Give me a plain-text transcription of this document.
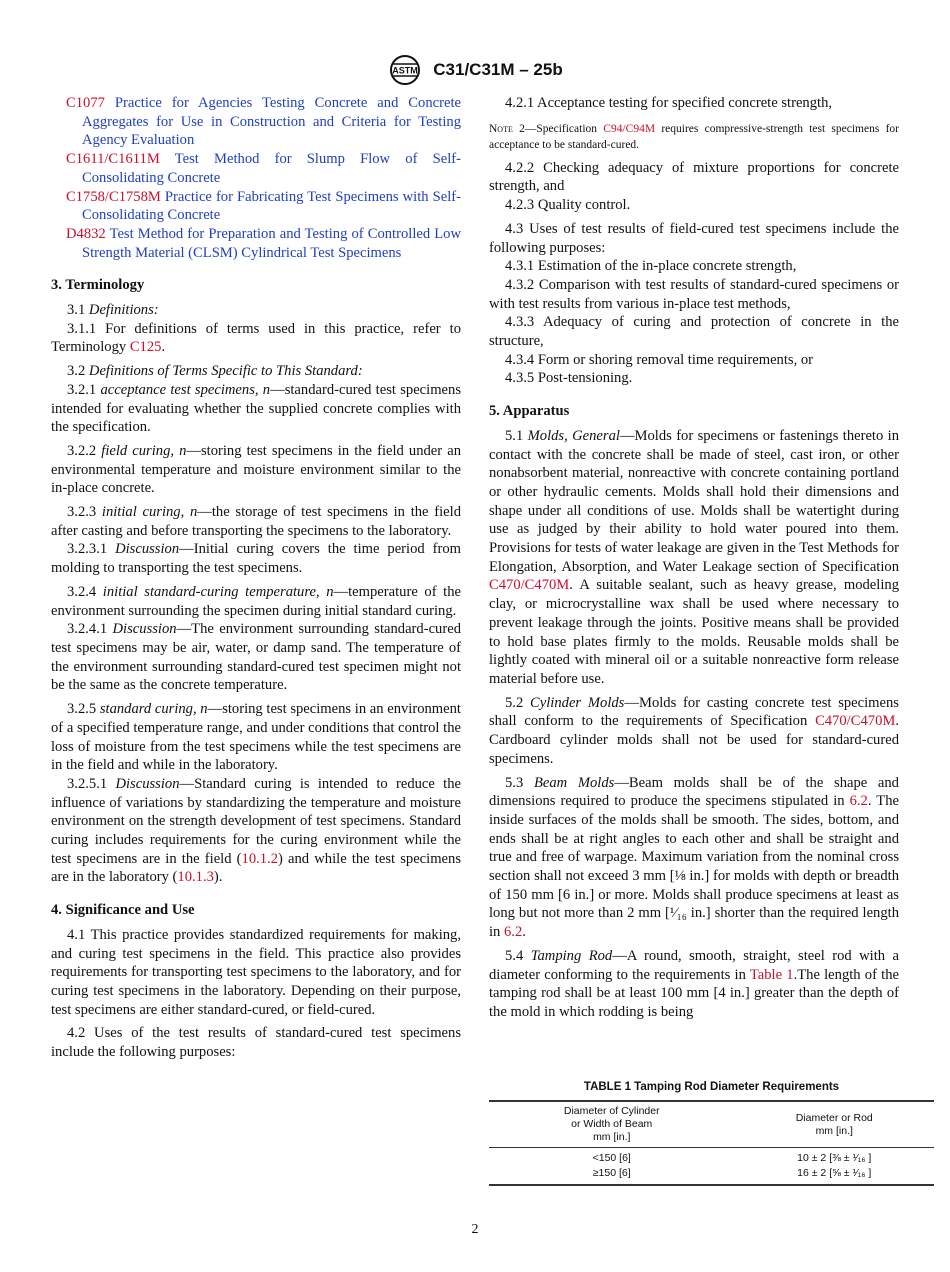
ASTM C31/C31M – 25b

C1077 Practice for Agencies Testing Concrete and Concrete Aggregates for Use in Construction and Criteria for Testing Agency Evaluation

C1611/C1611M Test Method for Slump Flow of Self-Consolidating Concrete

C1758/C1758M Practice for Fabricating Test Specimens with Self-Consolidating Concrete

D4832 Test Method for Preparation and Testing of Controlled Low Strength Material (CLSM) Cylindrical Test Specimens

3. Terminology

3.1 Definitions:

3.1.1 For definitions of terms used in this practice, refer to Terminology C125.

3.2 Definitions of Terms Specific to This Standard:

3.2.1 acceptance test specimens, n—standard-cured test specimens intended for evaluating whether the supplied concrete complies with the specification.

3.2.2 field curing, n—storing test specimens in the field under an environmental temperature and moisture environment similar to the in-place concrete.

3.2.3 initial curing, n—the storage of test specimens in the field after casting and before transporting the specimens to the laboratory.

3.2.3.1 Discussion—Initial curing covers the time period from molding to transporting the test specimens.

3.2.4 initial standard-curing temperature, n—temperature of the environment surrounding the specimen during initial standard curing.

3.2.4.1 Discussion—The environment surrounding standard-cured test specimens may be air, water, or damp sand. The temperature of the environment surrounding standard-cured test specimen might not be the same as the concrete temperature.

3.2.5 standard curing, n—storing test specimens in an environment of a specified temperature range, and under conditions that control the loss of moisture from the test specimens while the test specimens are in the field and while in the laboratory.

3.2.5.1 Discussion—Standard curing is intended to reduce the influence of variations by standardizing the temperature and moisture environment on the strength development of test specimens. Standard curing includes requirements for the curing environment while the test specimens are in the field (10.1.2) and while the test specimens are in the laboratory (10.1.3).

4. Significance and Use

4.1 This practice provides standardized requirements for making, and curing test specimens in the field. This practice also provides requirements for transporting test specimens to the laboratory, and for curing test specimens in the laboratory. Depending on their purpose, test specimens are either standard-cured, or field-cured.

4.2 Uses of the test results of standard-cured test specimens include the following purposes:

4.2.1 Acceptance testing for specified concrete strength,

Note 2—Specification C94/C94M requires compressive-strength test specimens for acceptance to be standard-cured.

4.2.2 Checking adequacy of mixture proportions for concrete strength, and

4.2.3 Quality control.

4.3 Uses of test results of field-cured test specimens include the following purposes:

4.3.1 Estimation of the in-place concrete strength,

4.3.2 Comparison with test results of standard-cured specimens or with test results from various in-place test methods,

4.3.3 Adequacy of curing and protection of concrete in the structure,

4.3.4 Form or shoring removal time requirements, or

4.3.5 Post-tensioning.

5. Apparatus

5.1 Molds, General—Molds for specimens or fastenings thereto in contact with the concrete shall be made of steel, cast iron, or other nonabsorbent material, nonreactive with concrete containing portland or other hydraulic cements. Molds shall hold their dimensions and shape under all conditions of use. Molds shall be watertight during use as judged by their ability to hold water poured into them. Provisions for tests of water leakage are given in the Test Methods for Elongation, Absorption, and Water Leakage section of Specification C470/C470M. A suitable sealant, such as heavy grease, modeling clay, or microcrystalline wax shall be used where necessary to prevent leakage through the joints. Positive means shall be provided to hold base plates firmly to the molds. Reusable molds shall be lightly coated with mineral oil or a suitable nonreactive form release material before use.

5.2 Cylinder Molds—Molds for casting concrete test specimens shall conform to the requirements of Specification C470/C470M. Cardboard cylinder molds shall not be used for standard-cured specimens.

5.3 Beam Molds—Beam molds shall be of the shape and dimensions required to produce the specimens stipulated in 6.2. The inside surfaces of the molds shall be smooth. The sides, bottom, and ends shall be at right angles to each other and shall be straight and true and free of warpage. Maximum variation from the nominal cross section shall not exceed 3 mm [⅛ in.] for molds with depth or breadth of 150 mm [6 in.] or more. Molds shall produce specimens at least as long but not more than 2 mm [¹⁄₁₆ in.] shorter than the required length in 6.2.

5.4 Tamping Rod—A round, smooth, straight, steel rod with a diameter conforming to the requirements in Table 1.The length of the tamping rod shall be at least 100 mm [4 in.] greater than the depth of the mold in which rodding is being

TABLE 1 Tamping Rod Diameter Requirements
Diameter of Cylinder
or Width of Beam
mm [in.]	Diameter or Rod
mm [in.]
<150 [6]	10 ± 2 [⅜ ± ¹⁄₁₆ ]
≥150 [6]	16 ± 2 [⅝ ± ¹⁄₁₆ ]
2
